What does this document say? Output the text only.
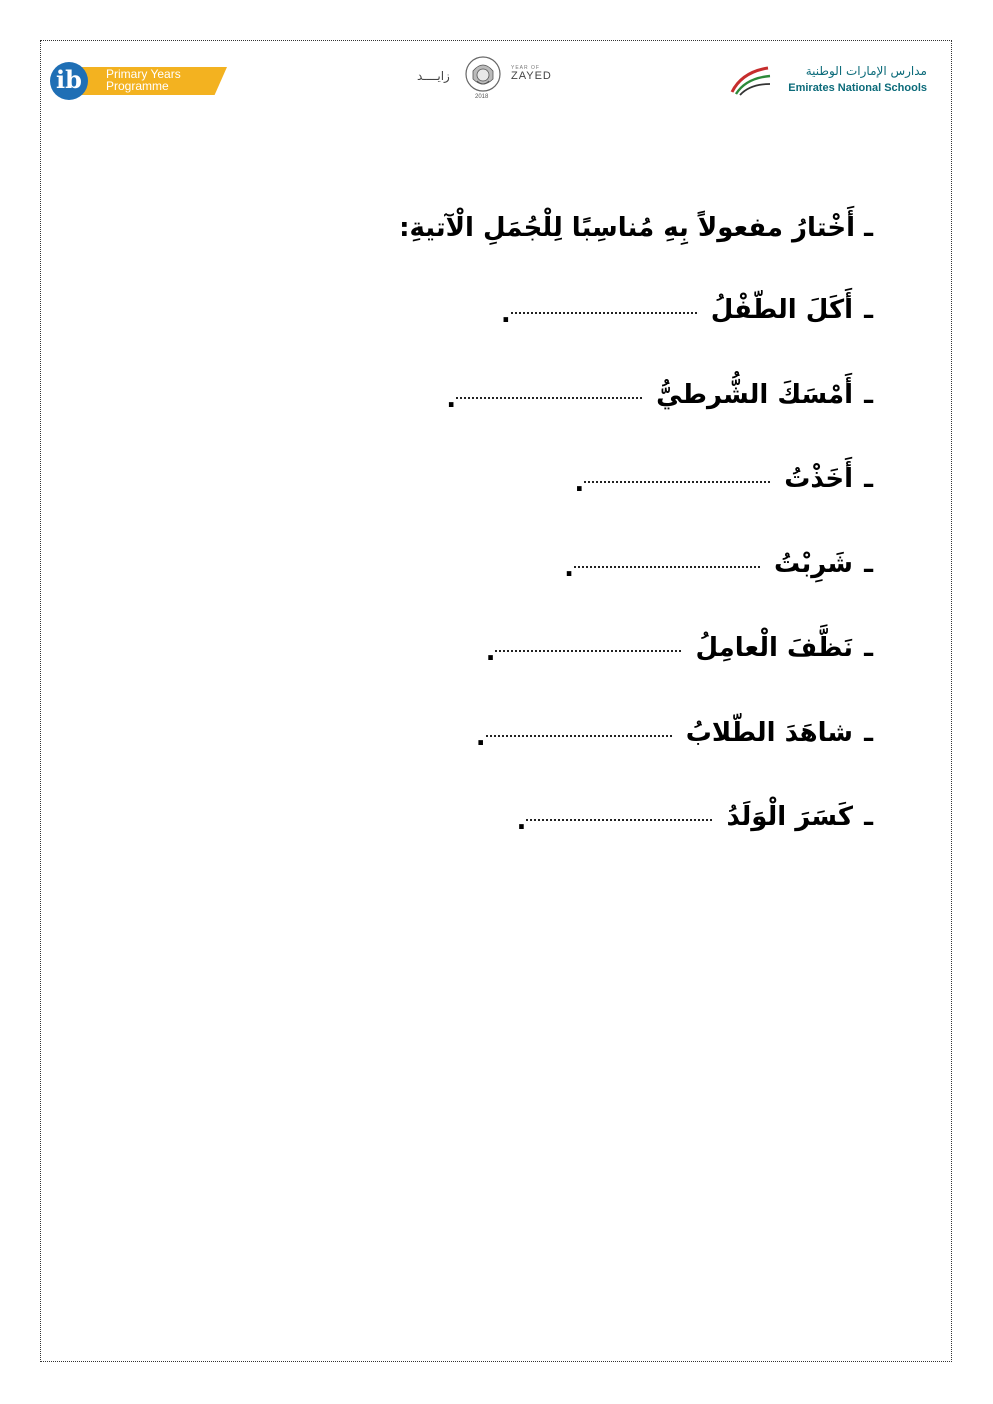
ib	Primary Years
Programme
زايــــد
2018
YEAR OF
ZAYED	مدارس الإمارات الوطنية
Emirates National Schools
ـ أَخْتارُ مفعولاً بِهِ مُناسِبًا لِلْجُمَلِ الْآتيةِ:
ـ
أَكَلَ الطّفْلُ
.
ـ
أَمْسَكَ الشُّرطيُّ
.
ـ
أَخَذْتُ
.
ـ
شَرِبْتُ
.
ـ
نَظَّفَ الْعامِلُ
.
ـ
شاهَدَ الطّلابُ
.
ـ
كَسَرَ الْوَلَدُ
.
